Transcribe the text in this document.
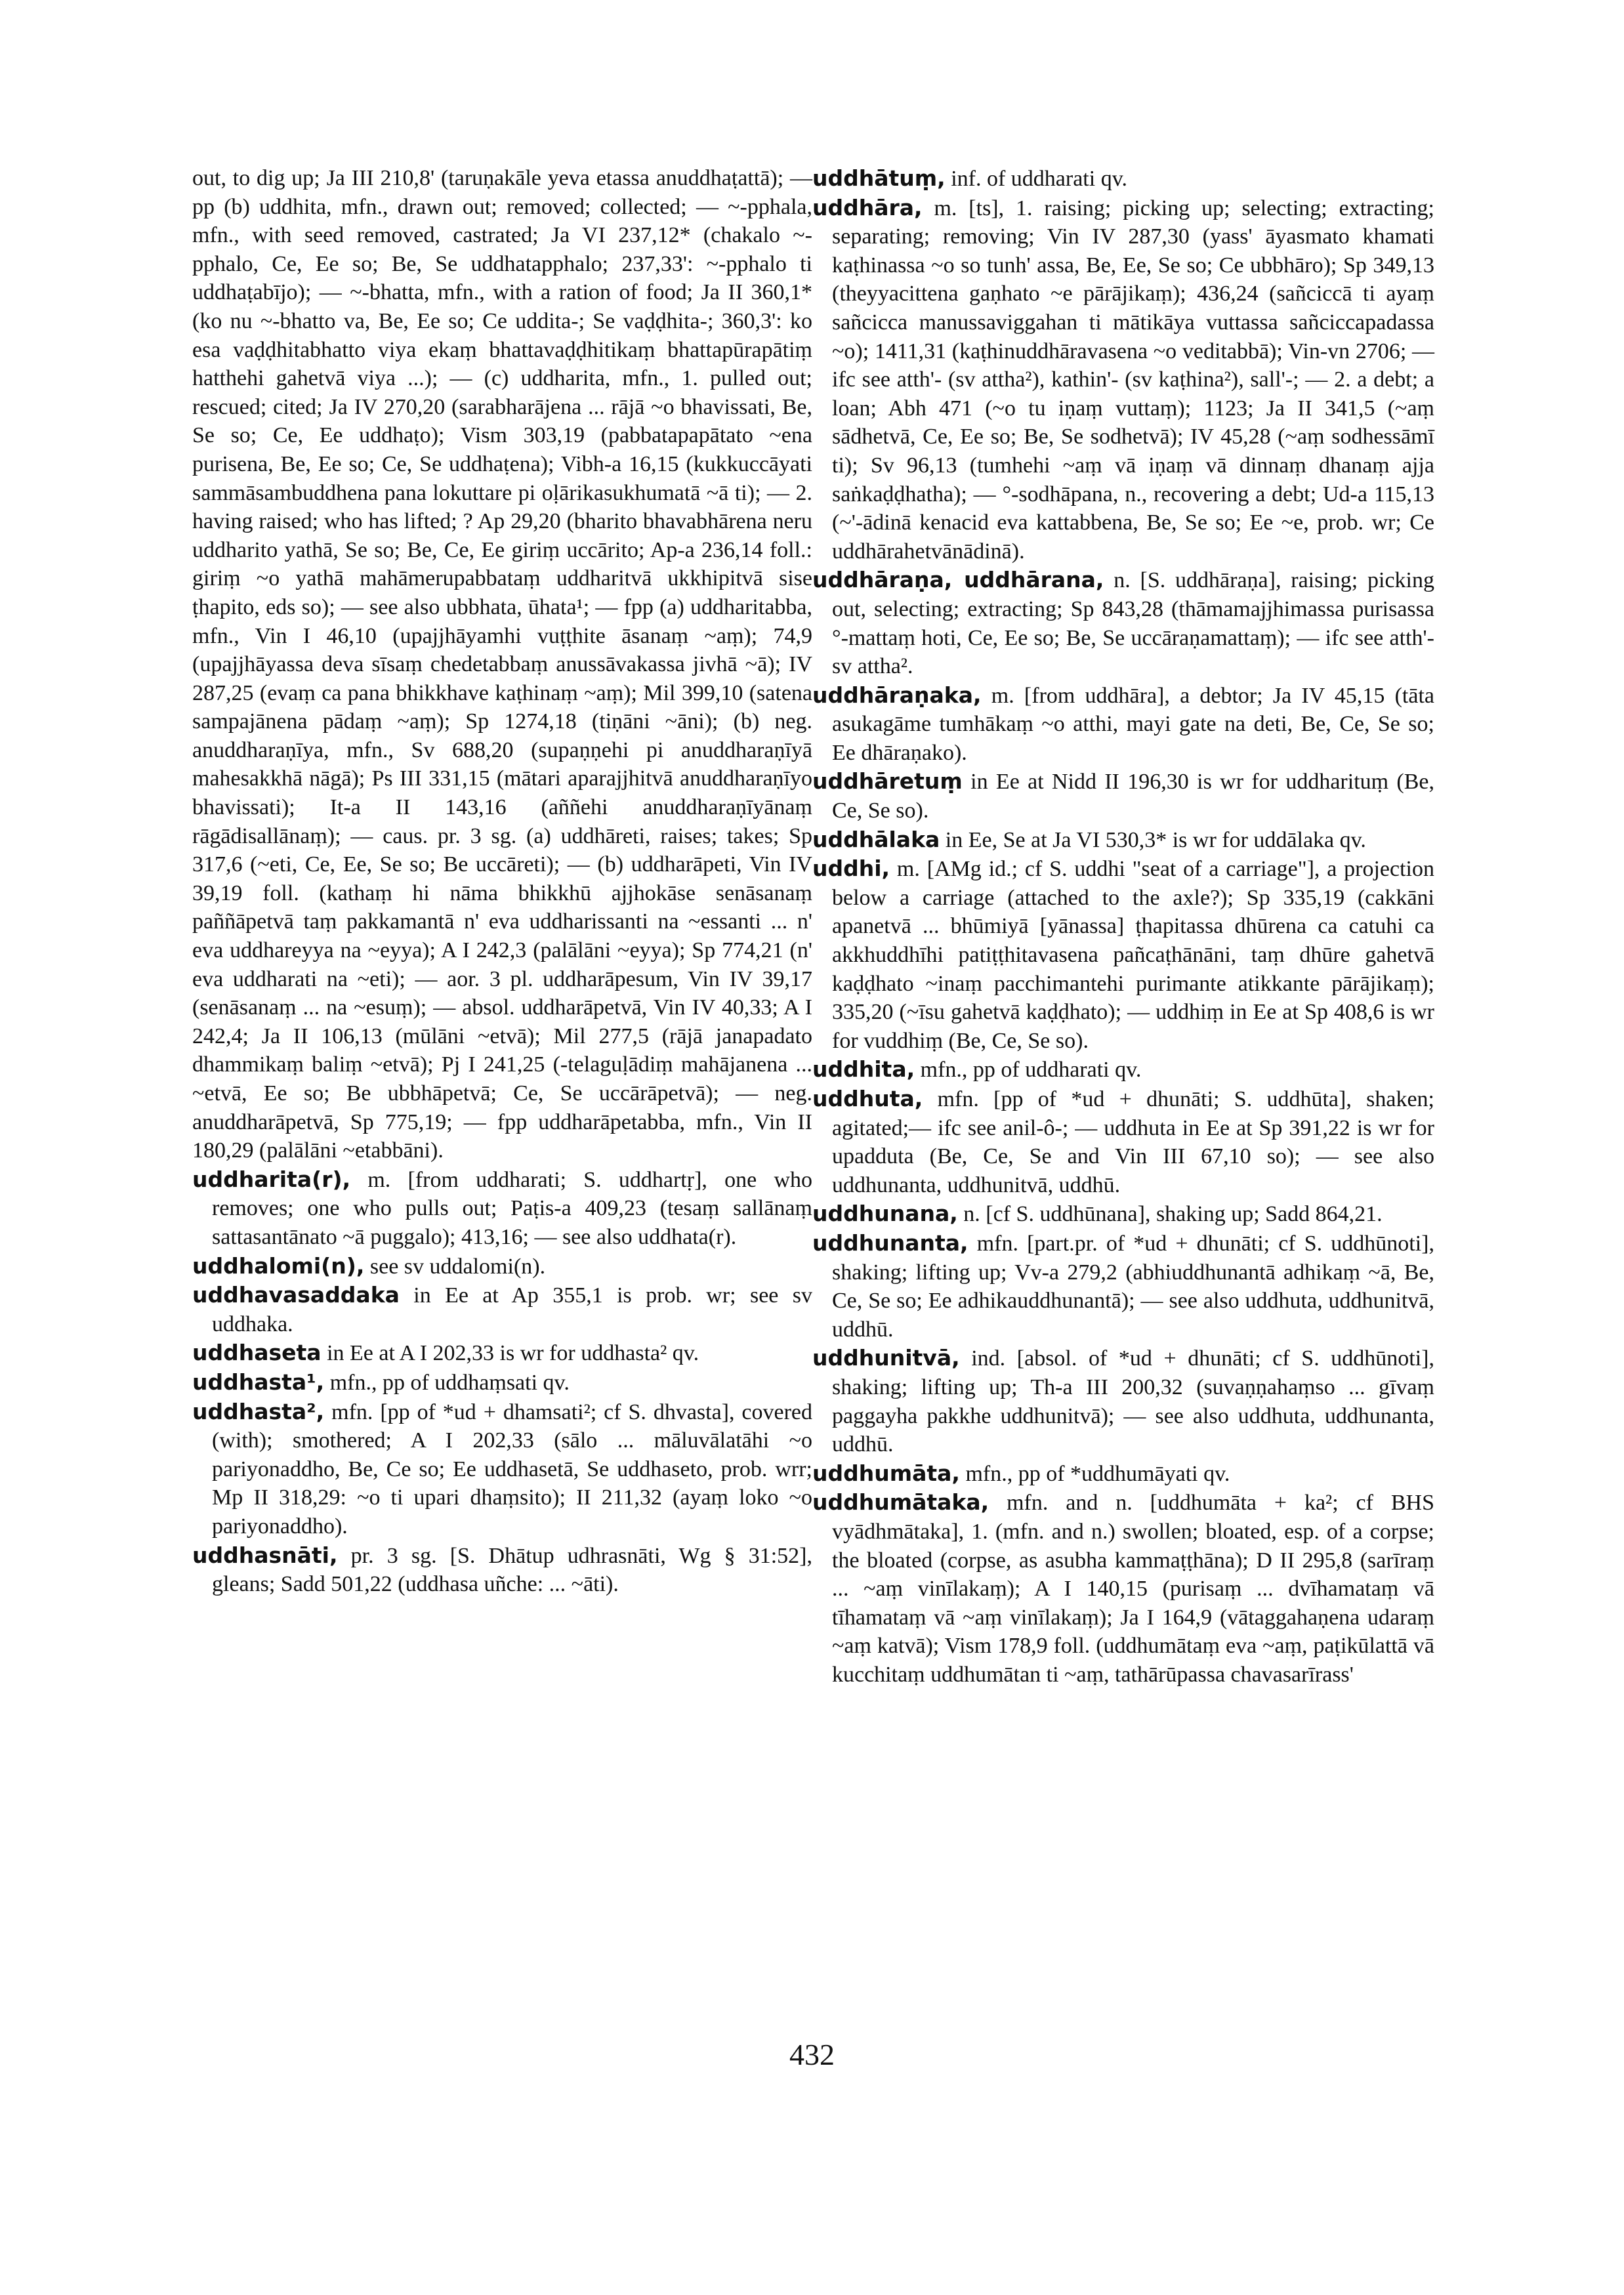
out, to dig up; Ja III 210,8' (taruṇakāle yeva etassa anuddhaṭattā); — pp (b) uddhita, mfn., drawn out; removed; collected; — ~-pphala, mfn., with seed removed, castrated; Ja VI 237,12* (chakalo ~-pphalo, Ce, Ee so; Be, Se uddhatapphalo; 237,33': ~-pphalo ti uddhaṭabījo); — ~-bhatta, mfn., with a ration of food; Ja II 360,1* (ko nu ~-bhatto va, Be, Ee so; Ce uddita-; Se vaḍḍhita-; 360,3': ko esa vaḍḍhitabhatto viya ekaṃ bhattavaḍḍhitikaṃ bhattapūrapātiṃ hatthehi gahetvā viya ...); — (c) uddharita, mfn., 1. pulled out; rescued; cited; Ja IV 270,20 (sarabharājena ... rājā ~o bhavissati, Be, Se so; Ce, Ee uddhaṭo); Vism 303,19 (pabbatapapātato ~ena purisena, Be, Ee so; Ce, Se uddhaṭena); Vibh-a 16,15 (kukkuccāyati sammāsambuddhena pana lokuttare pi oḷārikasukhumatā ~ā ti); — 2. having raised; who has lifted; ? Ap 29,20 (bharito bhavabhārena neru uddharito yathā, Se so; Be, Ce, Ee giriṃ uccārito; Ap-a 236,14 foll.: giriṃ ~o yathā mahāmerupabbataṃ uddharitvā ukkhipitvā sise ṭhapito, eds so); — see also ubbhata, ūhata¹; — fpp (a) uddharitabba, mfn., Vin I 46,10 (upajjhāyamhi vuṭṭhite āsanaṃ ~aṃ); 74,9 (upajjhāyassa deva sīsaṃ chedetabbaṃ anussāvakassa jivhā ~ā); IV 287,25 (evaṃ ca pana bhikkhave kaṭhinaṃ ~aṃ); Mil 399,10 (satena sampajānena pādaṃ ~aṃ); Sp 1274,18 (tiṇāni ~āni); (b) neg. anuddharaṇīya, mfn., Sv 688,20 (supaṇṇehi pi anuddharaṇīyā mahesakkhā nāgā); Ps III 331,15 (mātari aparajjhitvā anuddharaṇīyo bhavissati); It-a II 143,16 (aññehi anuddharaṇīyānaṃ rāgādisallānaṃ); — caus. pr. 3 sg. (a) uddhāreti, raises; takes; Sp 317,6 (~eti, Ce, Ee, Se so; Be uccāreti); — (b) uddharāpeti, Vin IV 39,19 foll. (kathaṃ hi nāma bhikkhū ajjhokāse senāsanaṃ paññāpetvā taṃ pakkamantā n' eva uddharissanti na ~essanti ... n' eva uddhareyya na ~eyya); A I 242,3 (palālāni ~eyya); Sp 774,21 (n' eva uddharati na ~eti); — aor. 3 pl. uddharāpesum, Vin IV 39,17 (senāsanaṃ ... na ~esuṃ); — absol. uddharāpetvā, Vin IV 40,33; A I 242,4; Ja II 106,13 (mūlāni ~etvā); Mil 277,5 (rājā janapadato dhammikaṃ baliṃ ~etvā); Pj I 241,25 (-telaguḷādiṃ mahājanena ... ~etvā, Ee so; Be ubbhāpetvā; Ce, Se uccārāpetvā); — neg. anuddharāpetvā, Sp 775,19; — fpp uddharāpetabba, mfn., Vin II 180,29 (palālāni ~etabbāni).

uddharita(r), m. [from uddharati; S. uddhartṛ], one who removes; one who pulls out; Paṭis-a 409,23 (tesaṃ sallānaṃ sattasantānato ~ā puggalo); 413,16; — see also uddhata(r).

uddhalomi(n), see sv uddalomi(n).

uddhavasaddaka in Ee at Ap 355,1 is prob. wr; see sv uddhaka.

uddhaseta in Ee at A I 202,33 is wr for uddhasta² qv.

uddhasta¹, mfn., pp of uddhaṃsati qv.

uddhasta², mfn. [pp of *ud + dhamsati²; cf S. dhvasta], covered (with); smothered; A I 202,33 (sālo ... māluvālatāhi ~o pariyonaddho, Be, Ce so; Ee uddhasetā, Se uddhaseto, prob. wrr; Mp II 318,29: ~o ti upari dhaṃsito); II 211,32 (ayaṃ loko ~o pariyonaddho).

uddhasnāti, pr. 3 sg. [S. Dhātup udhrasnāti, Wg § 31:52], gleans; Sadd 501,22 (uddhasa uñche: ... ~āti).

uddhātuṃ, inf. of uddharati qv.

uddhāra, m. [ts], 1. raising; picking up; selecting; extracting; separating; removing; Vin IV 287,30 (yass' āyasmato khamati kaṭhinassa ~o so tunh' assa, Be, Ee, Se so; Ce ubbhāro); Sp 349,13 (theyyacittena gaṇhato ~e pārājikaṃ); 436,24 (sañciccā ti ayaṃ sañcicca manussaviggahan ti mātikāya vuttassa sañciccapadassa ~o); 1411,31 (kaṭhinuddhāravasena ~o veditabbā); Vin-vn 2706; — ifc see atth'- (sv attha²), kathin'- (sv kaṭhina²), sall'-; — 2. a debt; a loan; Abh 471 (~o tu iṇaṃ vuttaṃ); 1123; Ja II 341,5 (~aṃ sādhetvā, Ce, Ee so; Be, Se sodhetvā); IV 45,28 (~aṃ sodhessāmī ti); Sv 96,13 (tumhehi ~aṃ vā iṇaṃ vā dinnaṃ dhanaṃ ajja saṅkaḍḍhatha); — °-sodhāpana, n., recovering a debt; Ud-a 115,13 (~'-ādinā kenacid eva kattabbena, Be, Se so; Ee ~e, prob. wr; Ce uddhārahetvānādinā).

uddhāraṇa, uddhārana, n. [S. uddhāraṇa], raising; picking out, selecting; extracting; Sp 843,28 (thāmamajjhimassa purisassa °-mattaṃ hoti, Ce, Ee so; Be, Se uccāraṇamattaṃ); — ifc see atth'- sv attha².

uddhāraṇaka, m. [from uddhāra], a debtor; Ja IV 45,15 (tāta asukagāme tumhākaṃ ~o atthi, mayi gate na deti, Be, Ce, Se so; Ee dhāraṇako).

uddhāretuṃ in Ee at Nidd II 196,30 is wr for uddharituṃ (Be, Ce, Se so).

uddhālaka in Ee, Se at Ja VI 530,3* is wr for uddālaka qv.

uddhi, m. [AMg id.; cf S. uddhi "seat of a carriage"], a projection below a carriage (attached to the axle?); Sp 335,19 (cakkāni apanetvā ... bhūmiyā [yānassa] ṭhapitassa dhūrena ca catuhi ca akkhuddhīhi patiṭṭhitavasena pañcaṭhānāni, taṃ dhūre gahetvā kaḍḍhato ~inaṃ pacchimantehi purimante atikkante pārājikaṃ); 335,20 (~īsu gahetvā kaḍḍhato); — uddhiṃ in Ee at Sp 408,6 is wr for vuddhiṃ (Be, Ce, Se so).

uddhita, mfn., pp of uddharati qv.

uddhuta, mfn. [pp of *ud + dhunāti; S. uddhūta], shaken; agitated;— ifc see anil-ô-; — uddhuta in Ee at Sp 391,22 is wr for upadduta (Be, Ce, Se and Vin III 67,10 so); — see also uddhunanta, uddhunitvā, uddhū.

uddhunana, n. [cf S. uddhūnana], shaking up; Sadd 864,21.

uddhunanta, mfn. [part.pr. of *ud + dhunāti; cf S. uddhūnoti], shaking; lifting up; Vv-a 279,2 (abhiuddhunantā adhikaṃ ~ā, Be, Ce, Se so; Ee adhikauddhunantā); — see also uddhuta, uddhunitvā, uddhū.

uddhunitvā, ind. [absol. of *ud + dhunāti; cf S. uddhūnoti], shaking; lifting up; Th-a III 200,32 (suvaṇṇahaṃso ... gīvaṃ paggayha pakkhe uddhunitvā); — see also uddhuta, uddhunanta, uddhū.

uddhumāta, mfn., pp of *uddhumāyati qv.

uddhumātaka, mfn. and n. [uddhumāta + ka²; cf BHS vyādhmātaka], 1. (mfn. and n.) swollen; bloated, esp. of a corpse; the bloated (corpse, as asubha kammaṭṭhāna); D II 295,8 (sarīraṃ ... ~aṃ vinīlakaṃ); A I 140,15 (purisaṃ ... dvīhamataṃ vā tīhamataṃ vā ~aṃ vinīlakaṃ); Ja I 164,9 (vātaggahaṇena udaraṃ ~aṃ katvā); Vism 178,9 foll. (uddhumātaṃ eva ~aṃ, paṭikūlattā vā kucchitaṃ uddhumātan ti ~aṃ, tathārūpassa chavasarīrass'

432
